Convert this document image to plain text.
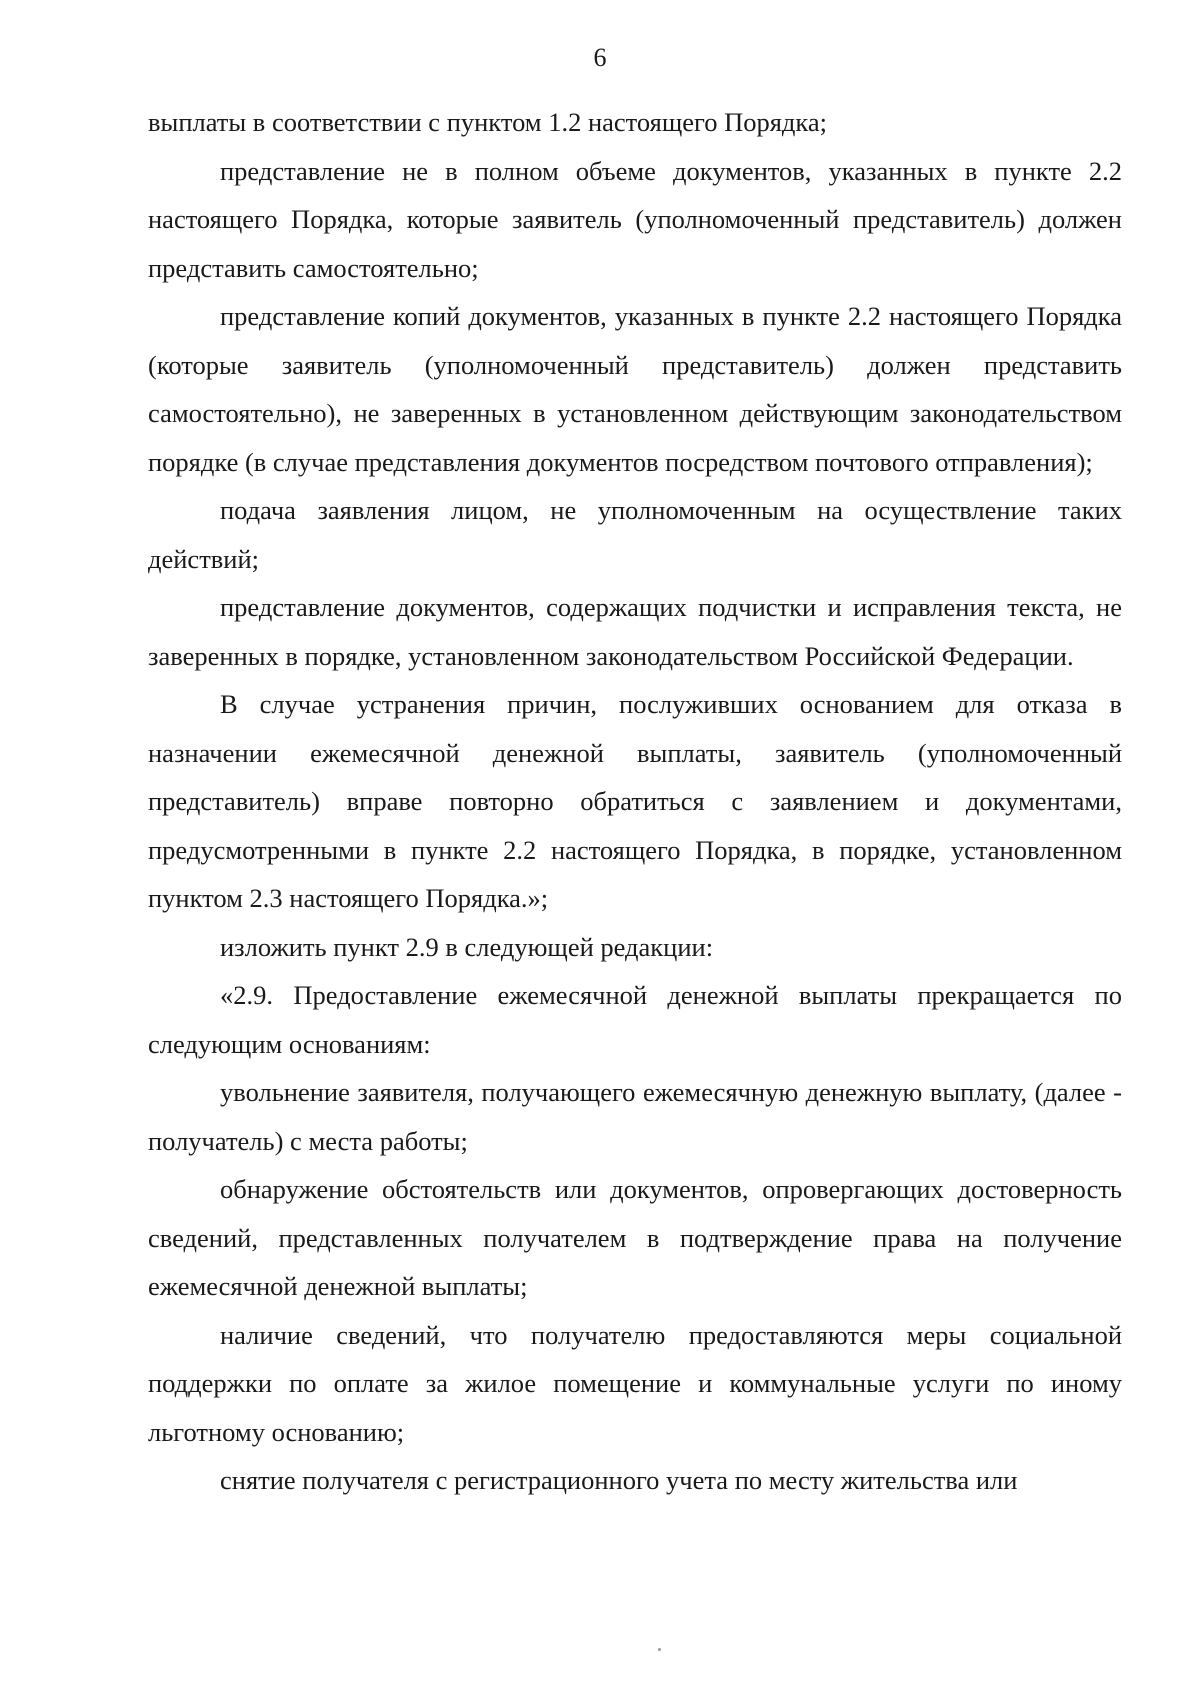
6

выплаты в соответствии с пунктом 1.2 настоящего Порядка;

представление не в полном объеме документов, указанных в пункте 2.2 настоящего Порядка, которые заявитель (уполномоченный представитель) должен представить самостоятельно;

представление копий документов, указанных в пункте 2.2 настоящего Порядка (которые заявитель (уполномоченный представитель) должен представить самостоятельно), не заверенных в установленном действующим законодательством порядке (в случае представления документов посредством почтового отправления);

подача заявления лицом, не уполномоченным на осуществление таких действий;

представление документов, содержащих подчистки и исправления текста, не заверенных в порядке, установленном законодательством Российской Федерации.

В случае устранения причин, послуживших основанием для отказа в назначении ежемесячной денежной выплаты, заявитель (уполномоченный представитель) вправе повторно обратиться с заявлением и документами, предусмотренными в пункте 2.2 настоящего Порядка, в порядке, установленном пунктом 2.3 настоящего Порядка.»;

изложить пункт 2.9 в следующей редакции:

«2.9. Предоставление ежемесячной денежной выплаты прекращается по следующим основаниям:

увольнение заявителя, получающего ежемесячную денежную выплату, (далее - получатель) с места работы;

обнаружение обстоятельств или документов, опровергающих достоверность сведений, представленных получателем в подтверждение права на получение ежемесячной денежной выплаты;

наличие сведений, что получателю предоставляются меры социальной поддержки по оплате за жилое помещение и коммунальные услуги по иному льготному основанию;

снятие получателя с регистрационного учета по месту жительства или
